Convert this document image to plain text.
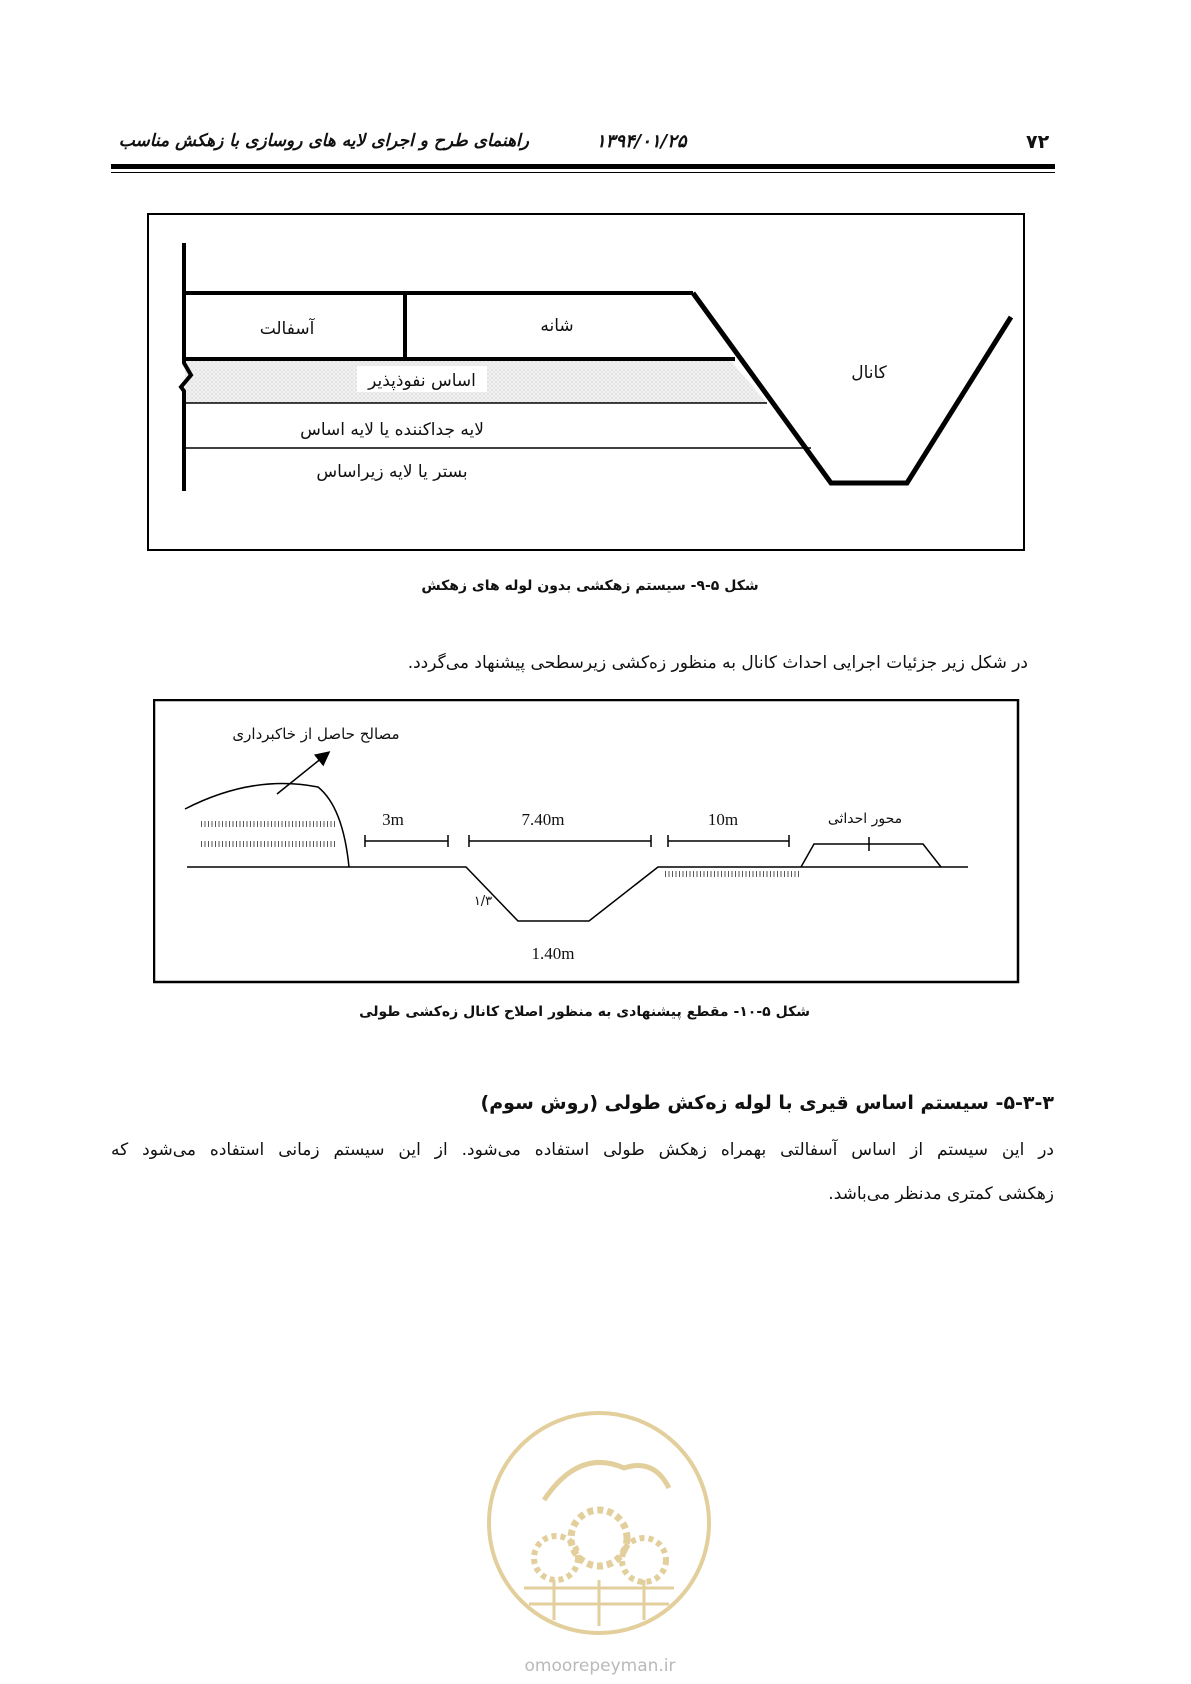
۷۲
۱۳۹۴/۰۱/۲۵
راهنمای طرح و اجرای لایه های روسازی با زهکش مناسب
آسفالت	شانه
کانال
اساس نفوذپذیر
لایه جداکننده یا لایه اساس
بستر یا لایه زیراساس
شکل ۵-۹- سیستم زهکشی بدون لوله های زهکش
در شکل زیر جزئیات اجرایی احداث کانال به منظور زه‌کشی زیرسطحی پیشنهاد می‌گردد.
مصالح حاصل از خاکبرداری
3m	7.40m	10m	محور احداثی
۱/۳
1.40m
شکل ۵-۱۰- مقطع پیشنهادی به منظور اصلاح کانال زه‌کشی طولی
۵-۳-۳- سیستم اساس قیری با لوله زه‌کش طولی (روش سوم)
در این سیستم از اساس آسفالتی بهمراه زهکش طولی استفاده می‌شود. از این سیستم زمانی استفاده می‌شود که
زهکشی کمتری مدنظر می‌باشد.
omoorepeyman.ir
